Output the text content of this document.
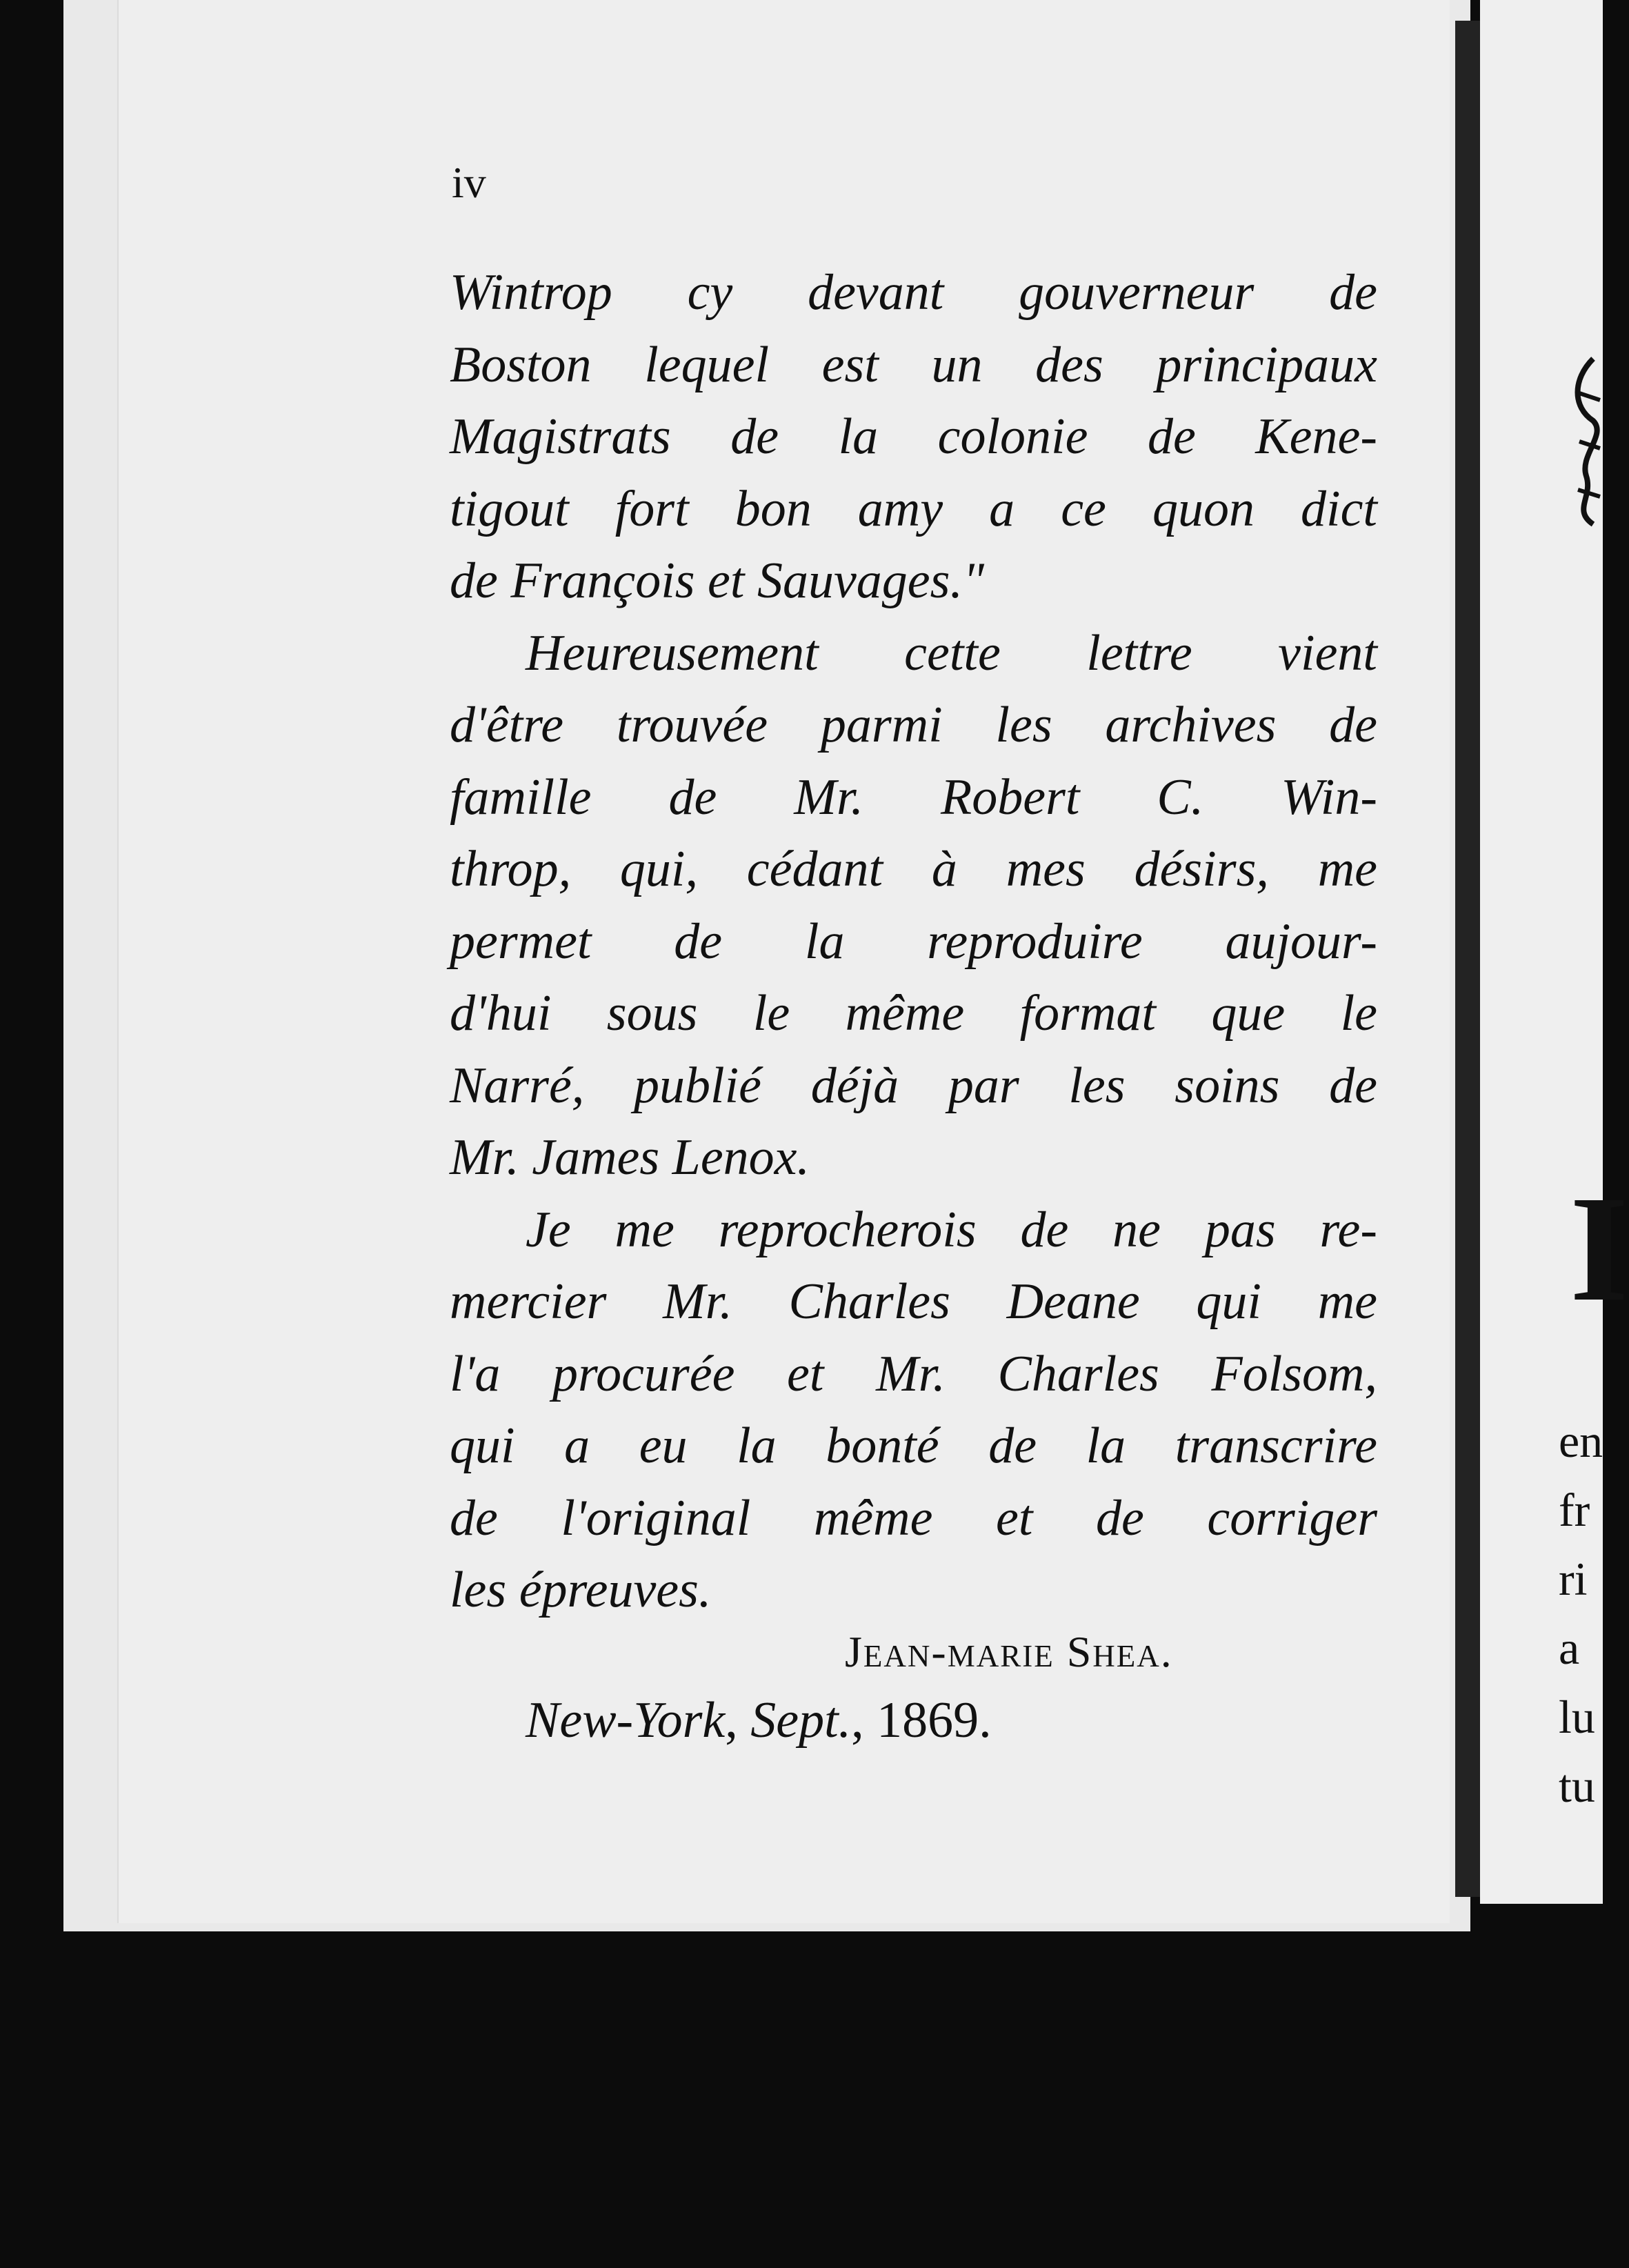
I
en
fr
ri
a
lu
tu
iv
Wintrop cy devant gouverneur de
Boston lequel est un des principaux
Magistrats de la colonie de Kene-
tigout fort bon amy a ce quon dict
de François et Sauvages."
Heureusement cette lettre vient
d'être trouvée parmi les archives de
famille de Mr. Robert C. Win-
throp, qui, cédant à mes désirs, me
permet de la reproduire aujour-
d'hui sous le même format que le
Narré, publié déjà par les soins de
Mr. James Lenox.
Je me reprocherois de ne pas re-
mercier Mr. Charles Deane qui me
l'a procurée et Mr. Charles Folsom,
qui a eu la bonté de la transcrire
de l'original même et de corriger
les épreuves.
Jean-marie Shea.
New-York, Sept., 1869.
